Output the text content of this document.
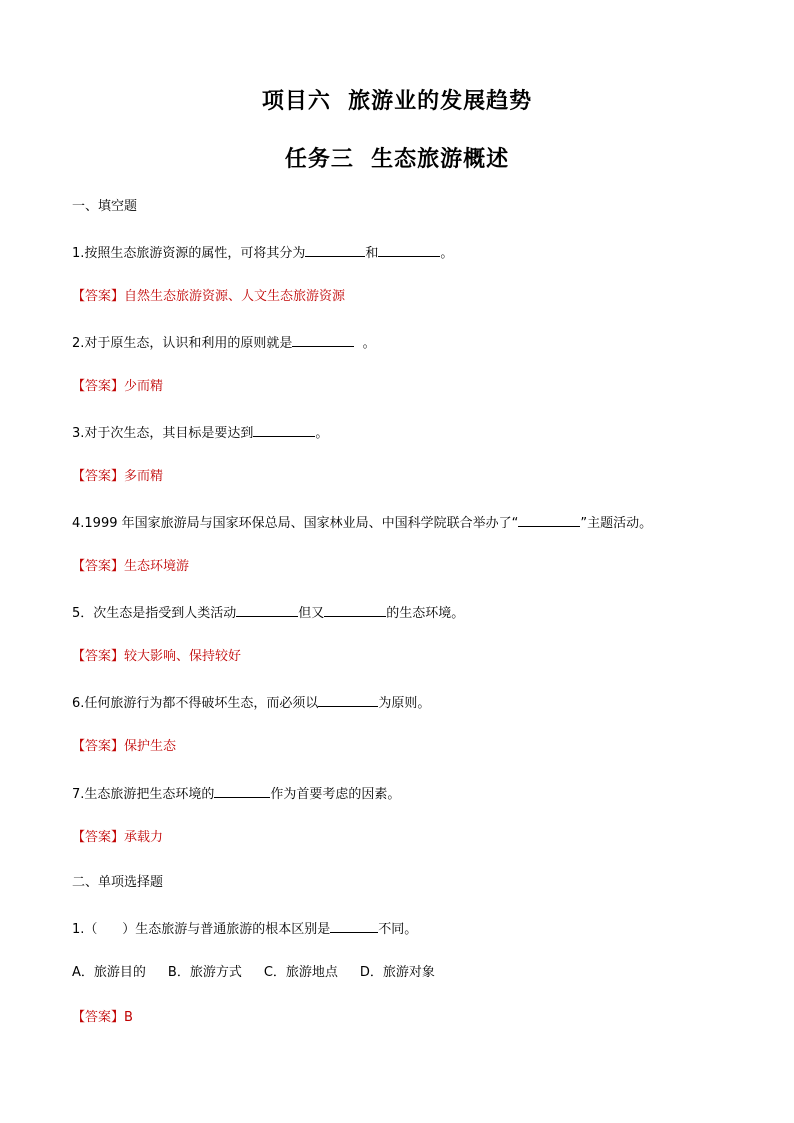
项目六  旅游业的发展趋势
任务三  生态旅游概述
一、填空题
1.按照生态旅游资源的属性，可将其分为	和	。
【答案】自然生态旅游资源、人文生态旅游资源
2.对于原生态，认识和利用的原则就是	。
【答案】少而精
3.对于次生态，其目标是要达到	。
【答案】多而精
4.1999 年国家旅游局与国家环保总局、国家林业局、中国科学院联合举办了“	”主题活动。
【答案】生态环境游
5．次生态是指受到人类活动	但又	的生态环境。
【答案】较大影响、保持较好
6.任何旅游行为都不得破坏生态，而必须以	为原则。
【答案】保护生态
7.生态旅游把生态环境的	作为首要考虑的因素。
【答案】承载力
二、单项选择题
1.（      ）生态旅游与普通旅游的根本区别是	不同。
A．旅游目的 B．旅游方式 C．旅游地点 D．旅游对象
【答案】B
